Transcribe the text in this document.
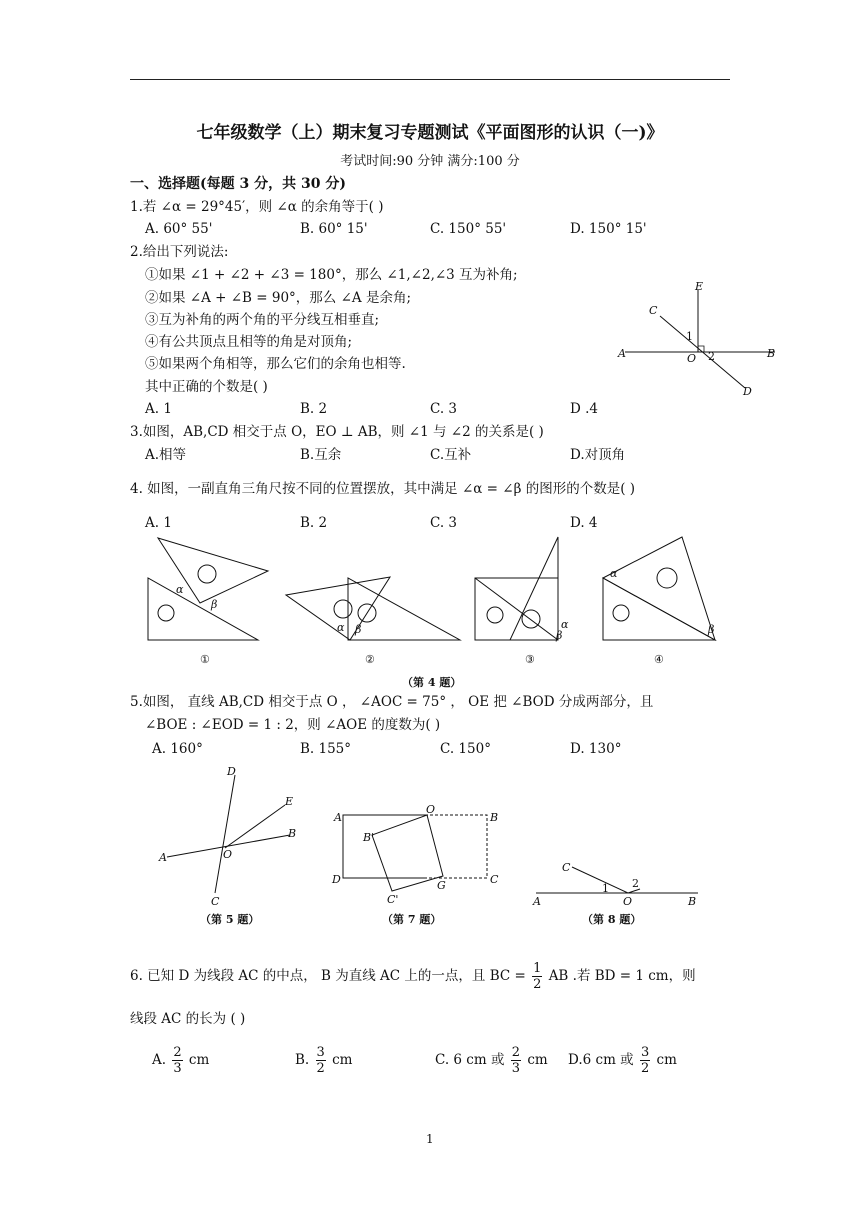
七年级数学（上）期末复习专题测试《平面图形的认识（一)》
考试时间:90 分钟 满分:100 分
一、选择题(每题 3 分，共 30 分)
1.若 ∠α = 29°45′，则 ∠α 的余角等于( )
A. 60° 55'	B. 60° 15'	C. 150° 55'	D. 150° 15'
2.给出下列说法:
①如果 ∠1 + ∠2 + ∠3 = 180°，那么 ∠1,∠2,∠3 互为补角;
②如果 ∠A + ∠B = 90°，那么 ∠A 是余角;
③互为补角的两个角的平分线互相垂直;
④有公共顶点且相等的角是对顶角;
⑤如果两个角相等，那么它们的余角也相等.
其中正确的个数是( )
A. 1	B. 2	C. 3	D .4
C
E
1
A	O 2	B
D
3.如图，AB,CD 相交于点 O，EO ⊥ AB，则 ∠1 与 ∠2 的关系是( )
A.相等	B.互余	C.互补	D.对顶角
4. 如图，一副直角三角尺按不同的位置摆放，其中满足 ∠α = ∠β 的图形的个数是( )
A. 1	B. 2	C. 3	D. 4
α
β
①
α β
②
α
β
③
α
β
④
（第 4 题）
5.如图， 直线 AB,CD 相交于点 O ， ∠AOC = 75° ， OE 把 ∠BOD 分成两部分，且
∠BOE : ∠EOD = 1 : 2，则 ∠AOE 的度数为( )
A. 160°	B. 155°	C. 150°	D. 130°
D
E
A	O
B
C
（第 5 题）
A
O
B
B'
D	G	C
C'
（第 7 题）
C
1 2
A	O	B
（第 8 题）
6. 已知 D 为线段 AC 的中点， B 为直线 AC 上的一点，且 BC = $\frac{1}{2}$ AB .若 BD = 1 cm，则
线段 AC 的长为 ( )
A. $\frac{2}{3}$ cm	B. $\frac{3}{2}$ cm	C. 6 cm 或 $\frac{2}{3}$ cm D.6 cm 或 $\frac{3}{2}$ cm
1
